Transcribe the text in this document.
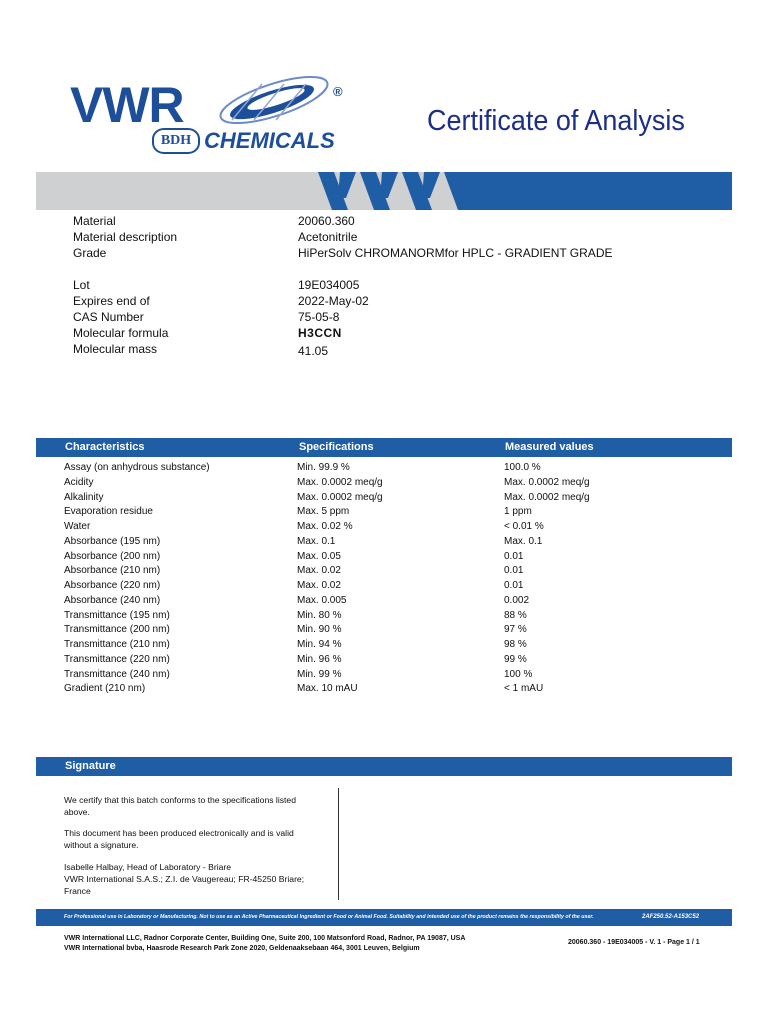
VWR	®
BDH CHEMICALS
Certificate of Analysis
Material	20060.360
Material description	Acetonitrile
Grade	HiPerSolv CHROMANORMfor HPLC - GRADIENT GRADE
Lot	19E034005
Expires end of	2022-May-02
CAS Number	75-05-8
Molecular formula	H3CCN
Molecular mass	41.05
Characteristics	Specifications	Measured values
Assay (on anhydrous substance)	Min. 99.9 %	100.0 %
Acidity	Max. 0.0002 meq/g	Max. 0.0002 meq/g
Alkalinity	Max. 0.0002 meq/g	Max. 0.0002 meq/g
Evaporation residue	Max. 5 ppm	1 ppm
Water	Max. 0.02 %	< 0.01 %
Absorbance (195 nm)	Max. 0.1	Max. 0.1
Absorbance (200 nm)	Max. 0.05	0.01
Absorbance (210 nm)	Max. 0.02	0.01
Absorbance (220 nm)	Max. 0.02	0.01
Absorbance (240 nm)	Max. 0.005	0.002
Transmittance (195 nm)	Min. 80 %	88 %
Transmittance (200 nm)	Min. 90 %	97 %
Transmittance (210 nm)	Min. 94 %	98 %
Transmittance (220 nm)	Min. 96 %	99 %
Transmittance (240 nm)	Min. 99 %	100 %
Gradient (210 nm)	Max. 10 mAU	< 1 mAU
Signature
We certify that this batch conforms to the specifications listed above.
This document has been produced electronically and is valid without a signature.
Isabelle Halbay, Head of Laboratory - Briare
VWR International S.A.S.; Z.I. de Vaugereau; FR-45250 Briare; France
For Professional use in Laboratory or Manufacturing. Not to use as an Active Pharmaceutical Ingredient or Food or Animal Food. Suitability and intended use of the product remains the responsibility of the user.	2AF250.52-A153C52
VWR International LLC, Radnor Corporate Center, Building One, Suite 200, 100 Matsonford Road, Radnor, PA 19087, USA
VWR International bvba, Haasrode Research Park Zone 2020, Geldenaaksebaan 464, 3001 Leuven, Belgium
20060.360 - 19E034005 - V. 1 - Page 1 / 1
